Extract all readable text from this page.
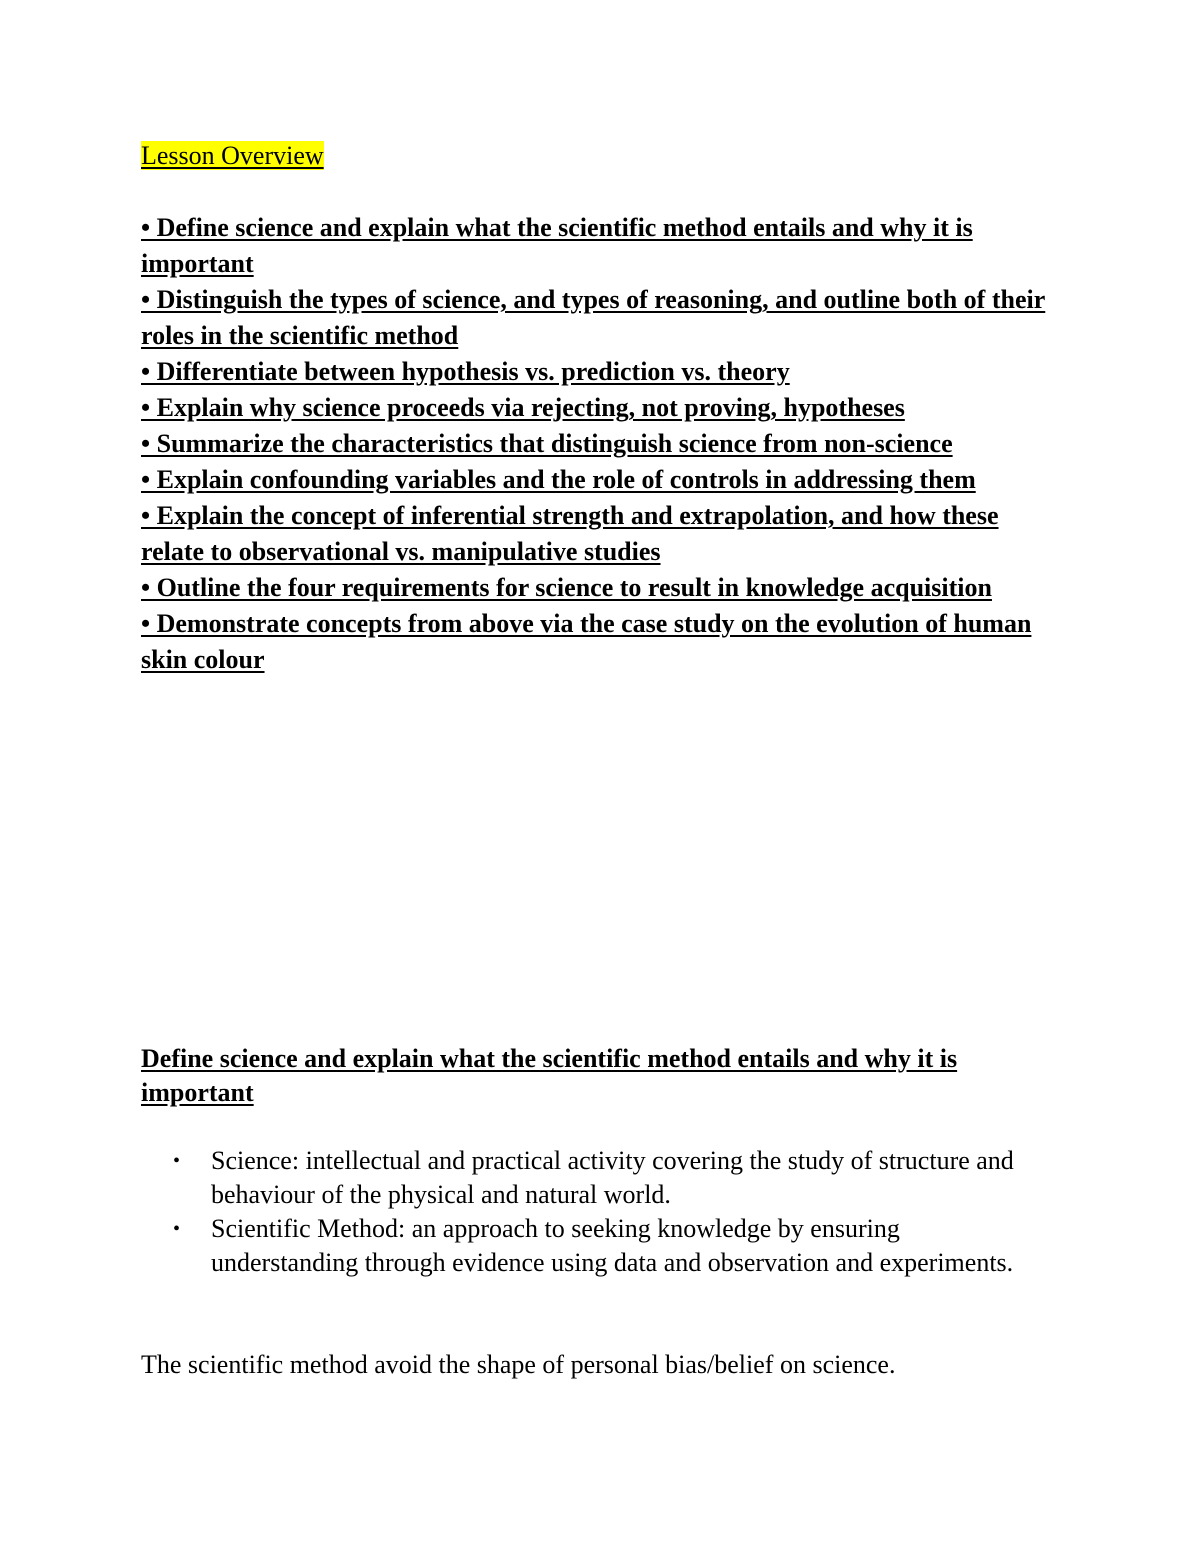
Lesson Overview
• Define science and explain what the scientific method entails and why it is important
• Distinguish the types of science, and types of reasoning, and outline both of their roles in the scientific method
• Differentiate between hypothesis vs. prediction vs. theory
• Explain why science proceeds via rejecting, not proving, hypotheses
• Summarize the characteristics that distinguish science from non-science
• Explain confounding variables and the role of controls in addressing them
• Explain the concept of inferential strength and extrapolation, and how these relate to observational vs. manipulative studies
• Outline the four requirements for science to result in knowledge acquisition
• Demonstrate concepts from above via the case study on the evolution of human skin colour
Define science and explain what the scientific method entails and why it is important
• Science: intellectual and practical activity covering the study of structure and behaviour of the physical and natural world.
• Scientific Method: an approach to seeking knowledge by ensuring understanding through evidence using data and observation and experiments.

The scientific method avoid the shape of personal bias/belief on science.
